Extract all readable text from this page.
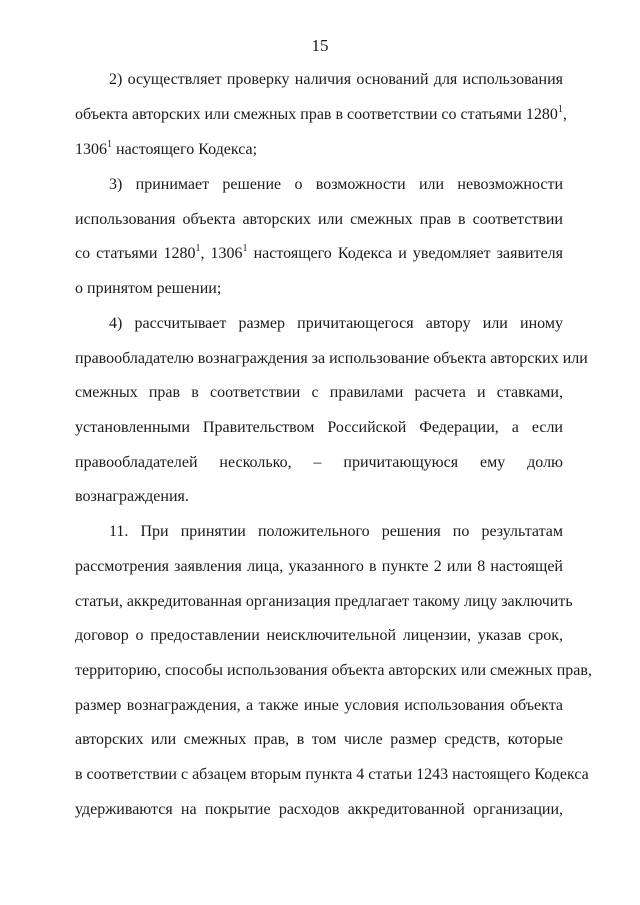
15
2) осуществляет проверку наличия оснований для использования
объекта авторских или смежных прав в соответствии со статьями 1280$^1$,
1306$^1$ настоящего Кодекса;
3) принимает решение о возможности или невозможности
использования объекта авторских или смежных прав в соответствии
со статьями 1280$^1$, 1306$^1$ настоящего Кодекса и уведомляет заявителя
о принятом решении;
4) рассчитывает размер причитающегося автору или иному
правообладателю вознаграждения за использование объекта авторских или
смежных прав в соответствии с правилами расчета и ставками,
установленными Правительством Российской Федерации, а если
правообладателей несколько, – причитающуюся ему долю
вознаграждения.
11. При принятии положительного решения по результатам
рассмотрения заявления лица, указанного в пункте 2 или 8 настоящей
статьи, аккредитованная организация предлагает такому лицу заключить
договор о предоставлении неисключительной лицензии, указав срок,
территорию, способы использования объекта авторских или смежных прав,
размер вознаграждения, а также иные условия использования объекта
авторских или смежных прав, в том числе размер средств, которые
в соответствии с абзацем вторым пункта 4 статьи 1243 настоящего Кодекса
удерживаются на покрытие расходов аккредитованной организации,
